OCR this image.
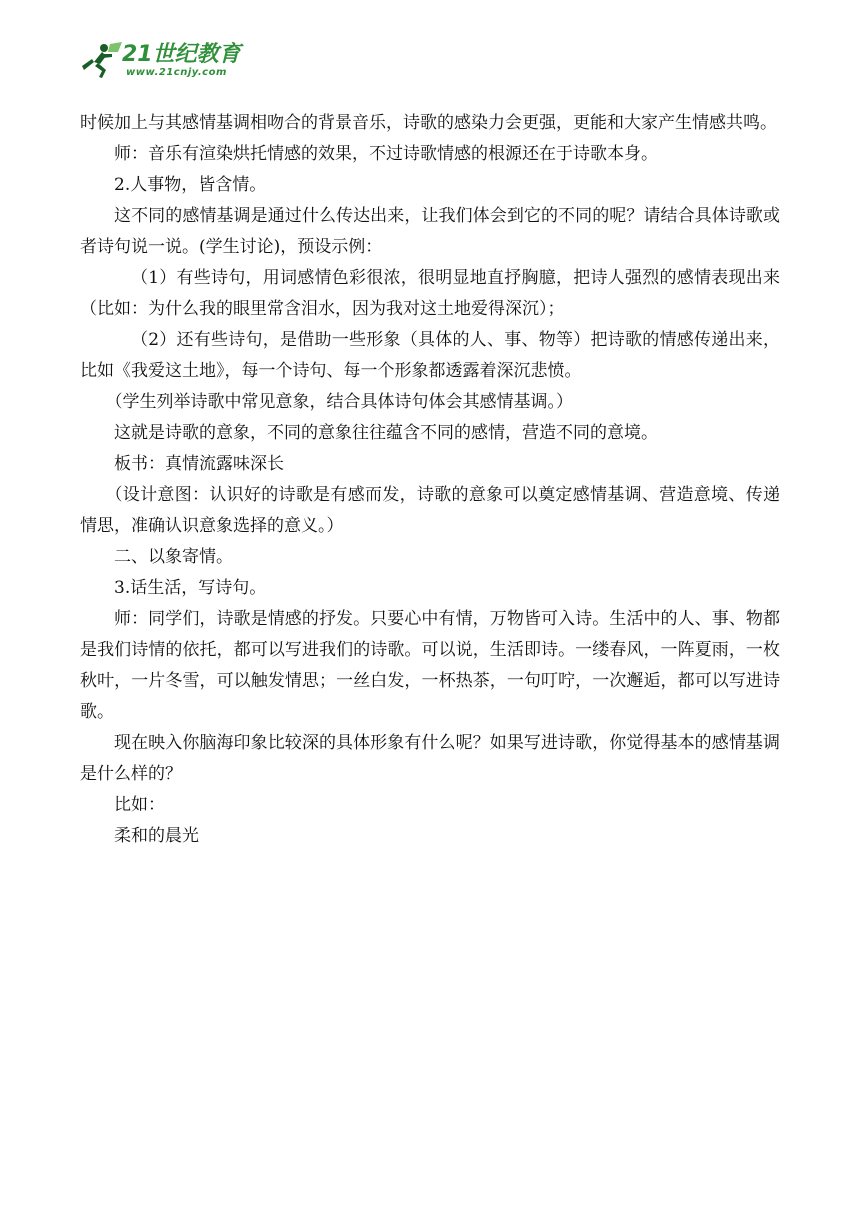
21世纪教育
www.21cnjy.com

时候加上与其感情基调相吻合的背景音乐，诗歌的感染力会更强，更能和大家产生情感共鸣。

师：音乐有渲染烘托情感的效果，不过诗歌情感的根源还在于诗歌本身。

2.人事物，皆含情。

这不同的感情基调是通过什么传达出来，让我们体会到它的不同的呢？请结合具体诗歌或者诗句说一说。(学生讨论)，预设示例：

（1）有些诗句，用词感情色彩很浓，很明显地直抒胸臆，把诗人强烈的感情表现出来（比如：为什么我的眼里常含泪水，因为我对这土地爱得深沉）；

（2）还有些诗句，是借助一些形象（具体的人、事、物等）把诗歌的情感传递出来，比如《我爱这土地》，每一个诗句、每一个形象都透露着深沉悲愤。

（学生列举诗歌中常见意象，结合具体诗句体会其感情基调。）

这就是诗歌的意象，不同的意象往往蕴含不同的感情，营造不同的意境。

板书：真情流露味深长

（设计意图：认识好的诗歌是有感而发，诗歌的意象可以奠定感情基调、营造意境、传递情思，准确认识意象选择的意义。）

二、以象寄情。

3.话生活，写诗句。

师：同学们，诗歌是情感的抒发。只要心中有情，万物皆可入诗。生活中的人、事、物都是我们诗情的依托，都可以写进我们的诗歌。可以说，生活即诗。一缕春风，一阵夏雨，一枚秋叶，一片冬雪，可以触发情思；一丝白发，一杯热茶，一句叮咛，一次邂逅，都可以写进诗歌。

现在映入你脑海印象比较深的具体形象有什么呢？如果写进诗歌，你觉得基本的感情基调是什么样的？

比如：

柔和的晨光
